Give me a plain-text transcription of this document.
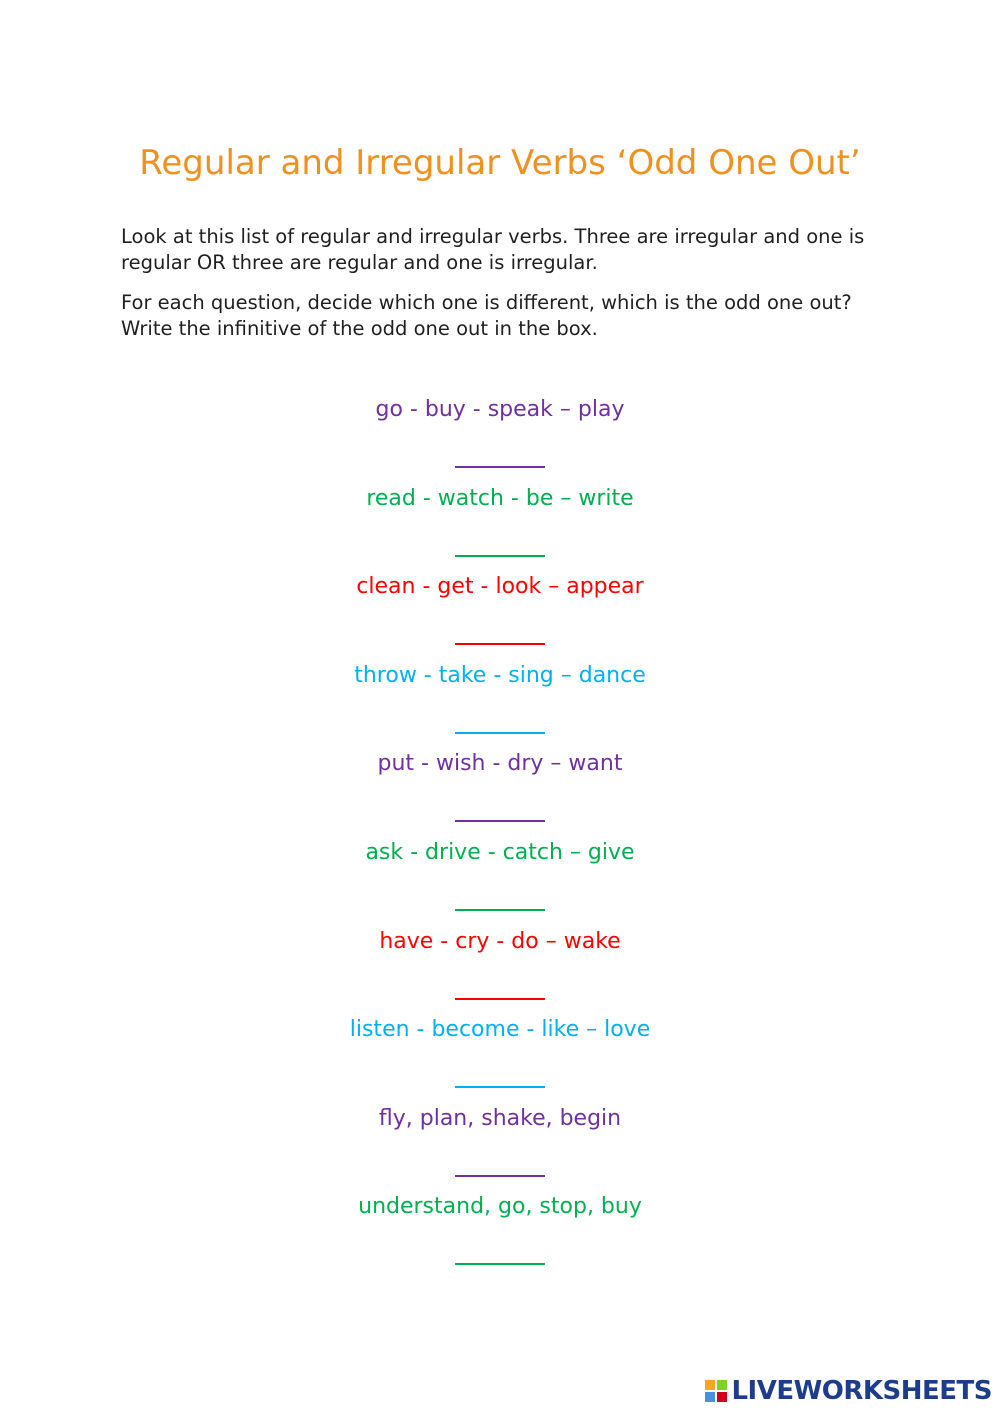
Regular and Irregular Verbs ‘Odd One Out’

Look at this list of regular and irregular verbs. Three are irregular and one is regular OR three are regular and one is irregular.

For each question, decide which one is different, which is the odd one out? Write the infinitive of the odd one out in the box.

go - buy - speak – play
read - watch - be – write
clean - get - look – appear
throw - take - sing – dance
put - wish - dry – want
ask - drive - catch – give
have - cry - do – wake
listen - become - like – love
fly, plan, shake, begin
understand, go, stop, buy
LIVEWORKSHEETS
